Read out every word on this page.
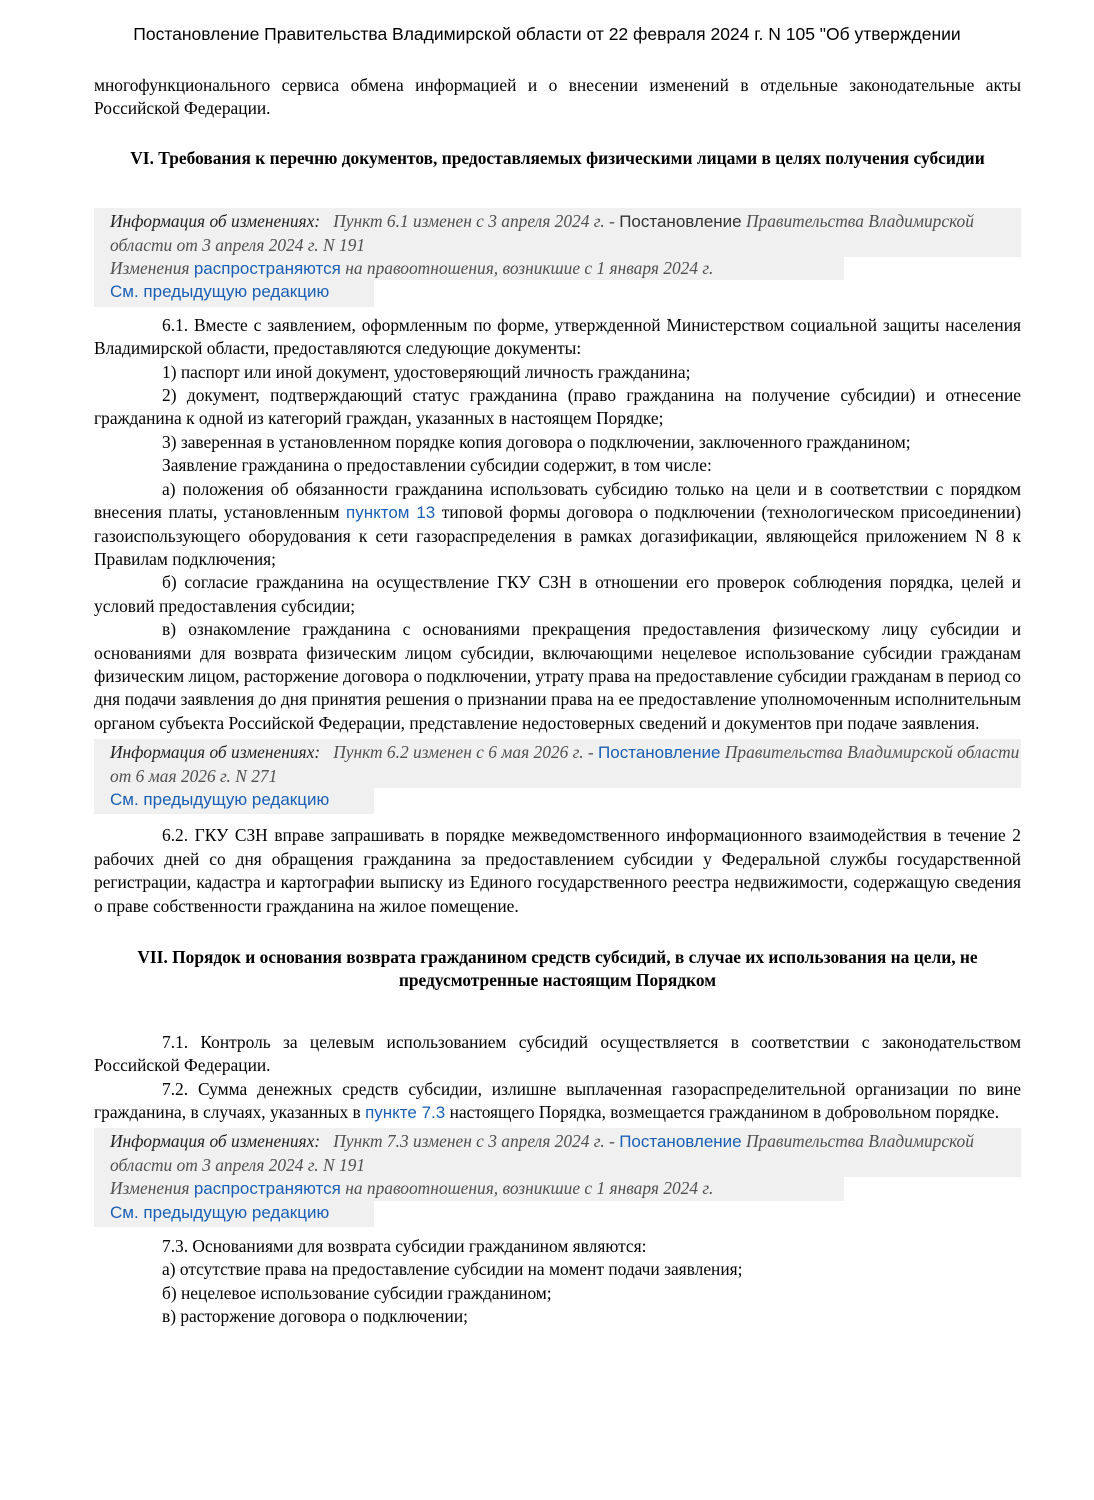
Постановление Правительства Владимирской области от 22 февраля 2024 г. N 105 "Об утверждении

многофункционального сервиса обмена информацией и о внесении изменений в отдельные законодательные акты Российской Федерации.

VI. Требования к перечню документов, предоставляемых физическими лицами в целях получения субсидии

Информация об изменениях: Пункт 6.1 изменен с 3 апреля 2024 г. - Постановление Правительства Владимирской области от 3 апреля 2024 г. N 191
Изменения распространяются на правоотношения, возникшие с 1 января 2024 г. См. предыдущую редакцию

6.1. Вместе с заявлением, оформленным по форме, утвержденной Министерством социальной защиты населения Владимирской области, предоставляются следующие документы:

1) паспорт или иной документ, удостоверяющий личность гражданина;

2) документ, подтверждающий статус гражданина (право гражданина на получение субсидии) и отнесение гражданина к одной из категорий граждан, указанных в настоящем Порядке;

3) заверенная в установленном порядке копия договора о подключении, заключенного гражданином;

Заявление гражданина о предоставлении субсидии содержит, в том числе:

а) положения об обязанности гражданина использовать субсидию только на цели и в соответствии с порядком внесения платы, установленным пунктом 13 типовой формы договора о подключении (технологическом присоединении) газоиспользующего оборудования к сети газораспределения в рамках догазификации, являющейся приложением N 8 к Правилам подключения;

б) согласие гражданина на осуществление ГКУ СЗН в отношении его проверок соблюдения порядка, целей и условий предоставления субсидии;

в) ознакомление гражданина с основаниями прекращения предоставления физическому лицу субсидии и основаниями для возврата физическим лицом субсидии, включающими нецелевое использование субсидии гражданам физическим лицом, расторжение договора о подключении, утрату права на предоставление субсидии гражданам в период со дня подачи заявления до дня принятия решения о признании права на ее предоставление уполномоченным исполнительным органом субъекта Российской Федерации, представление недостоверных сведений и документов при подаче заявления.

Информация об изменениях: Пункт 6.2 изменен с 6 мая 2026 г. - Постановление Правительства Владимирской области от 6 мая 2026 г. N 271
См. предыдущую редакцию

6.2. ГКУ СЗН вправе запрашивать в порядке межведомственного информационного взаимодействия в течение 2 рабочих дней со дня обращения гражданина за предоставлением субсидии у Федеральной службы государственной регистрации, кадастра и картографии выписку из Единого государственного реестра недвижимости, содержащую сведения о праве собственности гражданина на жилое помещение.

VII. Порядок и основания возврата гражданином средств субсидий, в случае их использования на цели, не предусмотренные настоящим Порядком

7.1. Контроль за целевым использованием субсидий осуществляется в соответствии с законодательством Российской Федерации.

7.2. Сумма денежных средств субсидии, излишне выплаченная газораспределительной организации по вине гражданина, в случаях, указанных в пункте 7.3 настоящего Порядка, возмещается гражданином в добровольном порядке.

Информация об изменениях: Пункт 7.3 изменен с 3 апреля 2024 г. - Постановление Правительства Владимирской области от 3 апреля 2024 г. N 191
Изменения распространяются на правоотношения, возникшие с 1 января 2024 г. См. предыдущую редакцию

7.3. Основаниями для возврата субсидии гражданином являются:

а) отсутствие права на предоставление субсидии на момент подачи заявления;

б) нецелевое использование субсидии гражданином;

в) расторжение договора о подключении;
